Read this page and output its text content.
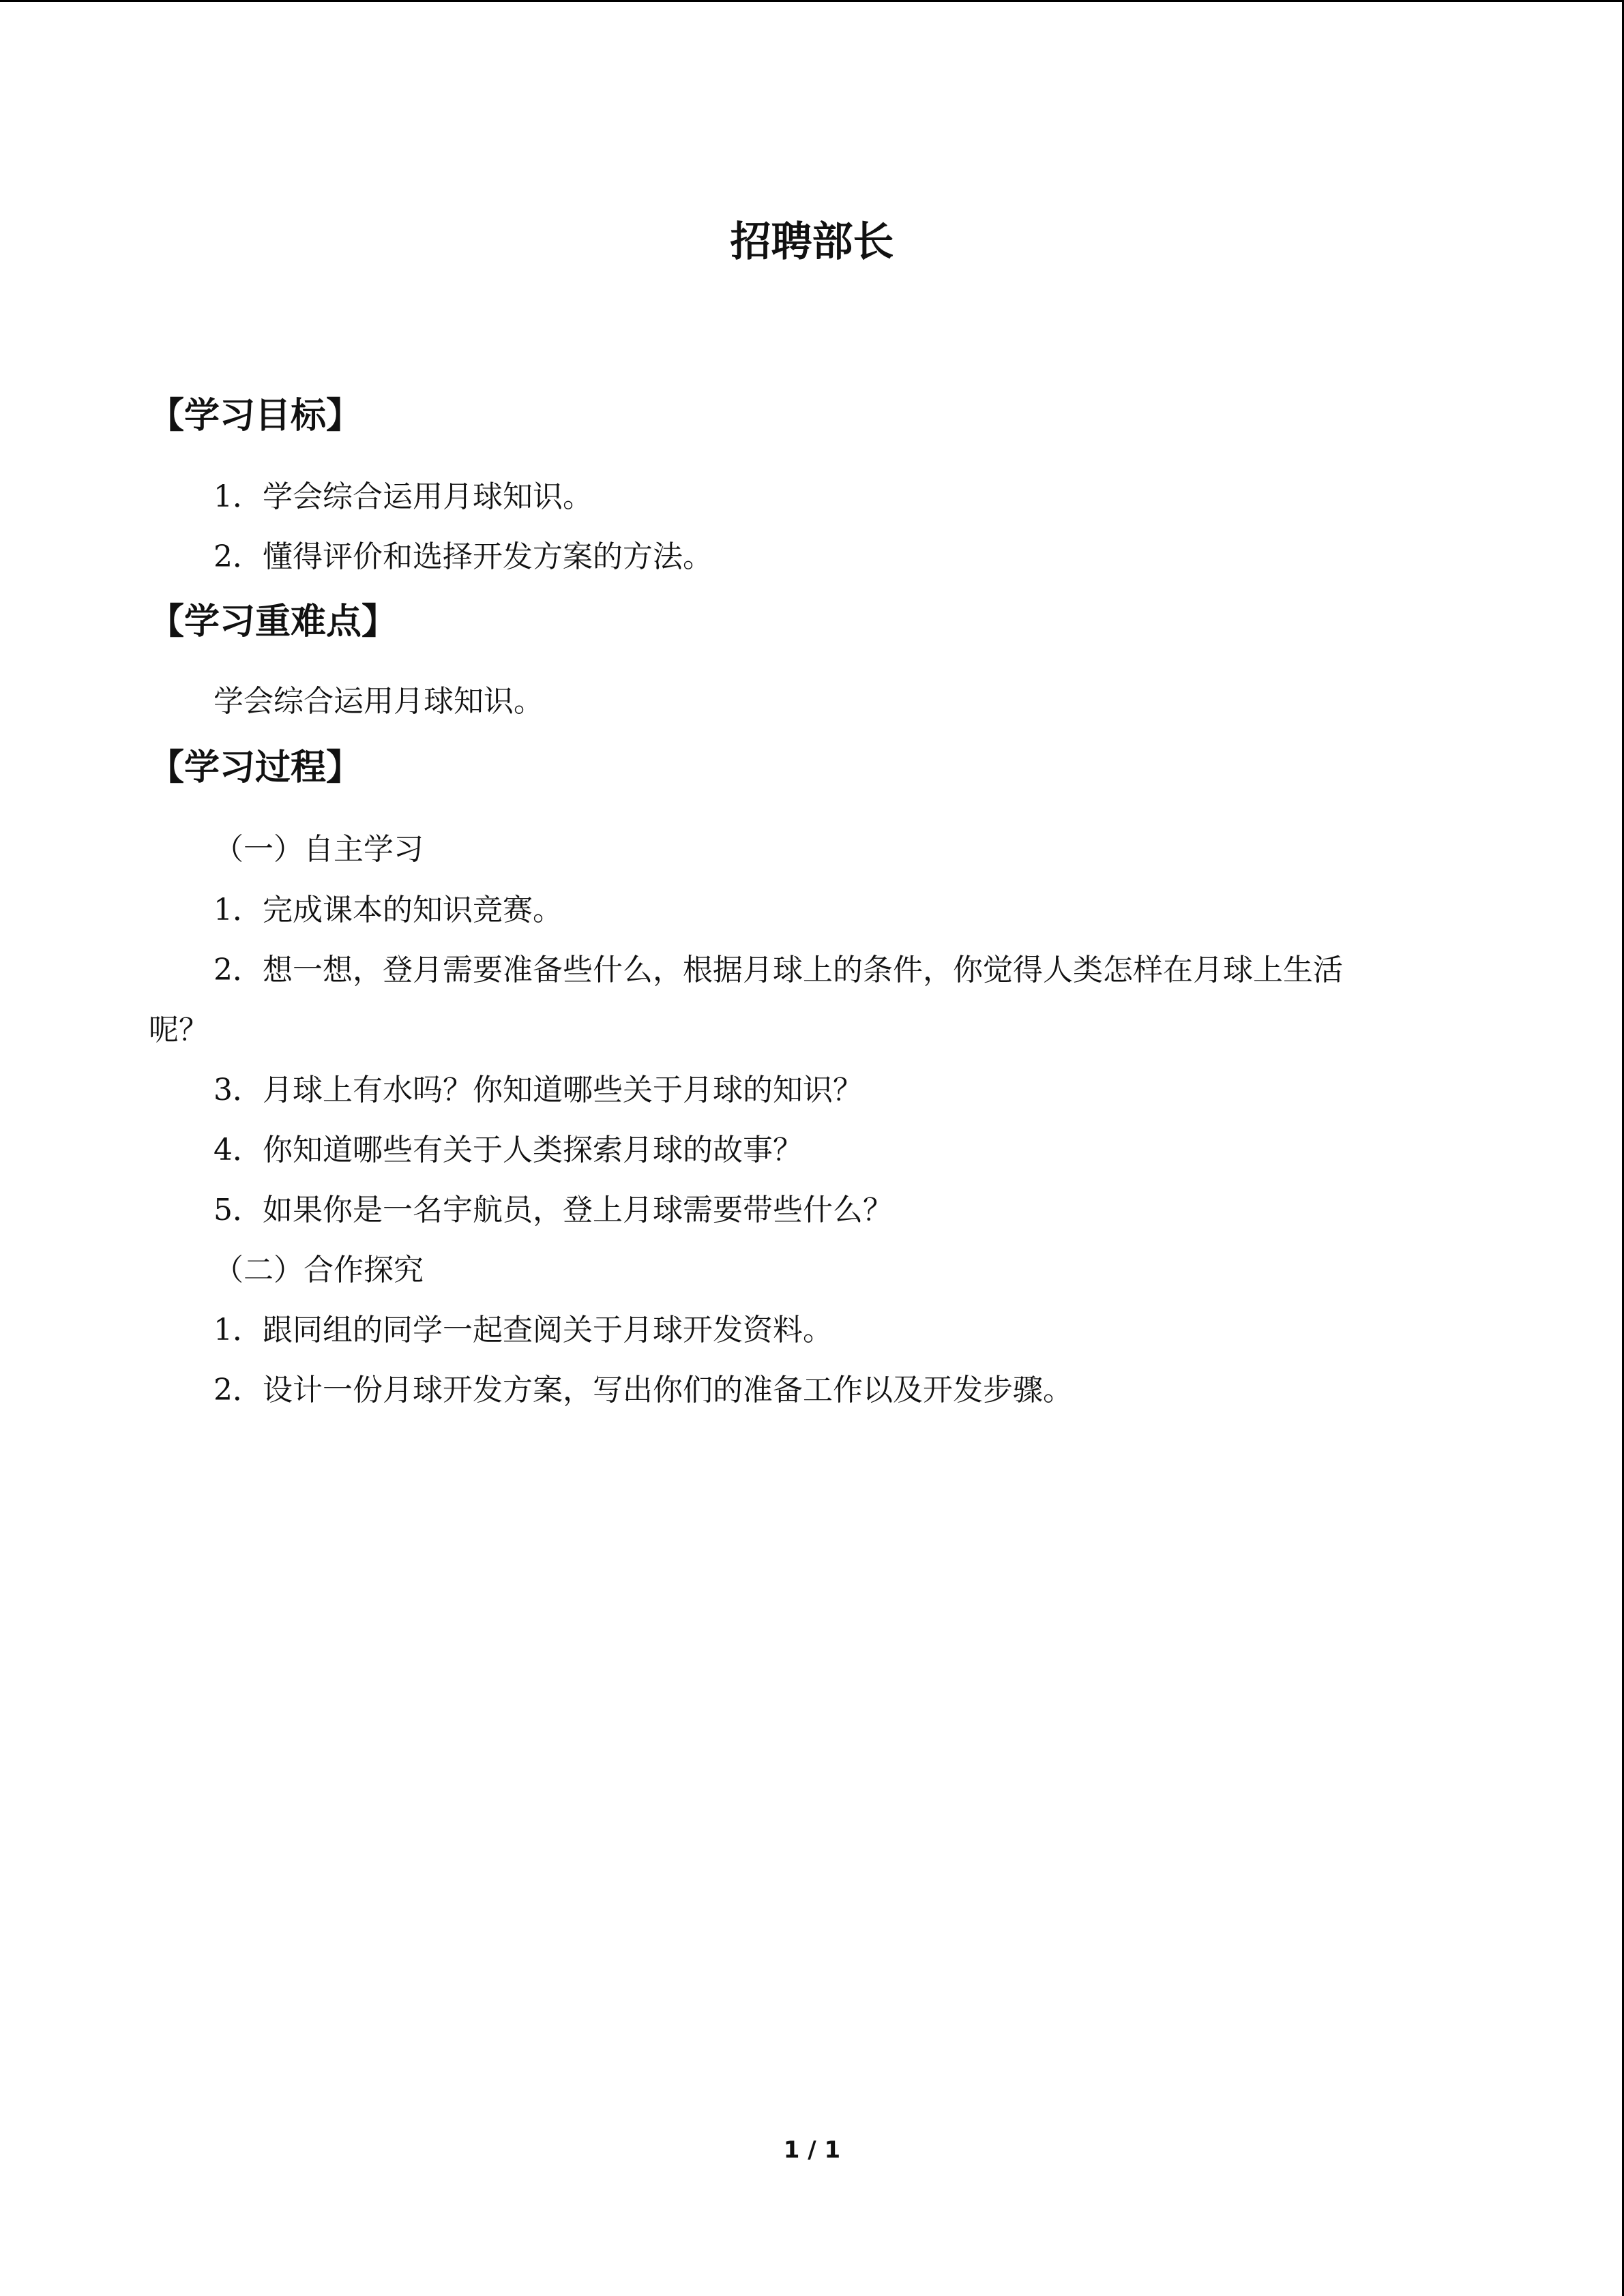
招聘部长
【学习目标】
1．学会综合运用月球知识。
2．懂得评价和选择开发方案的方法。
【学习重难点】
学会综合运用月球知识。
【学习过程】
（一）自主学习
1．完成课本的知识竞赛。
2．想一想，登月需要准备些什么，根据月球上的条件，你觉得人类怎样在月球上生活
呢？
3．月球上有水吗？你知道哪些关于月球的知识？
4．你知道哪些有关于人类探索月球的故事？
5．如果你是一名宇航员，登上月球需要带些什么？
（二）合作探究
1．跟同组的同学一起查阅关于月球开发资料。
2．设计一份月球开发方案，写出你们的准备工作以及开发步骤。
1 / 1
